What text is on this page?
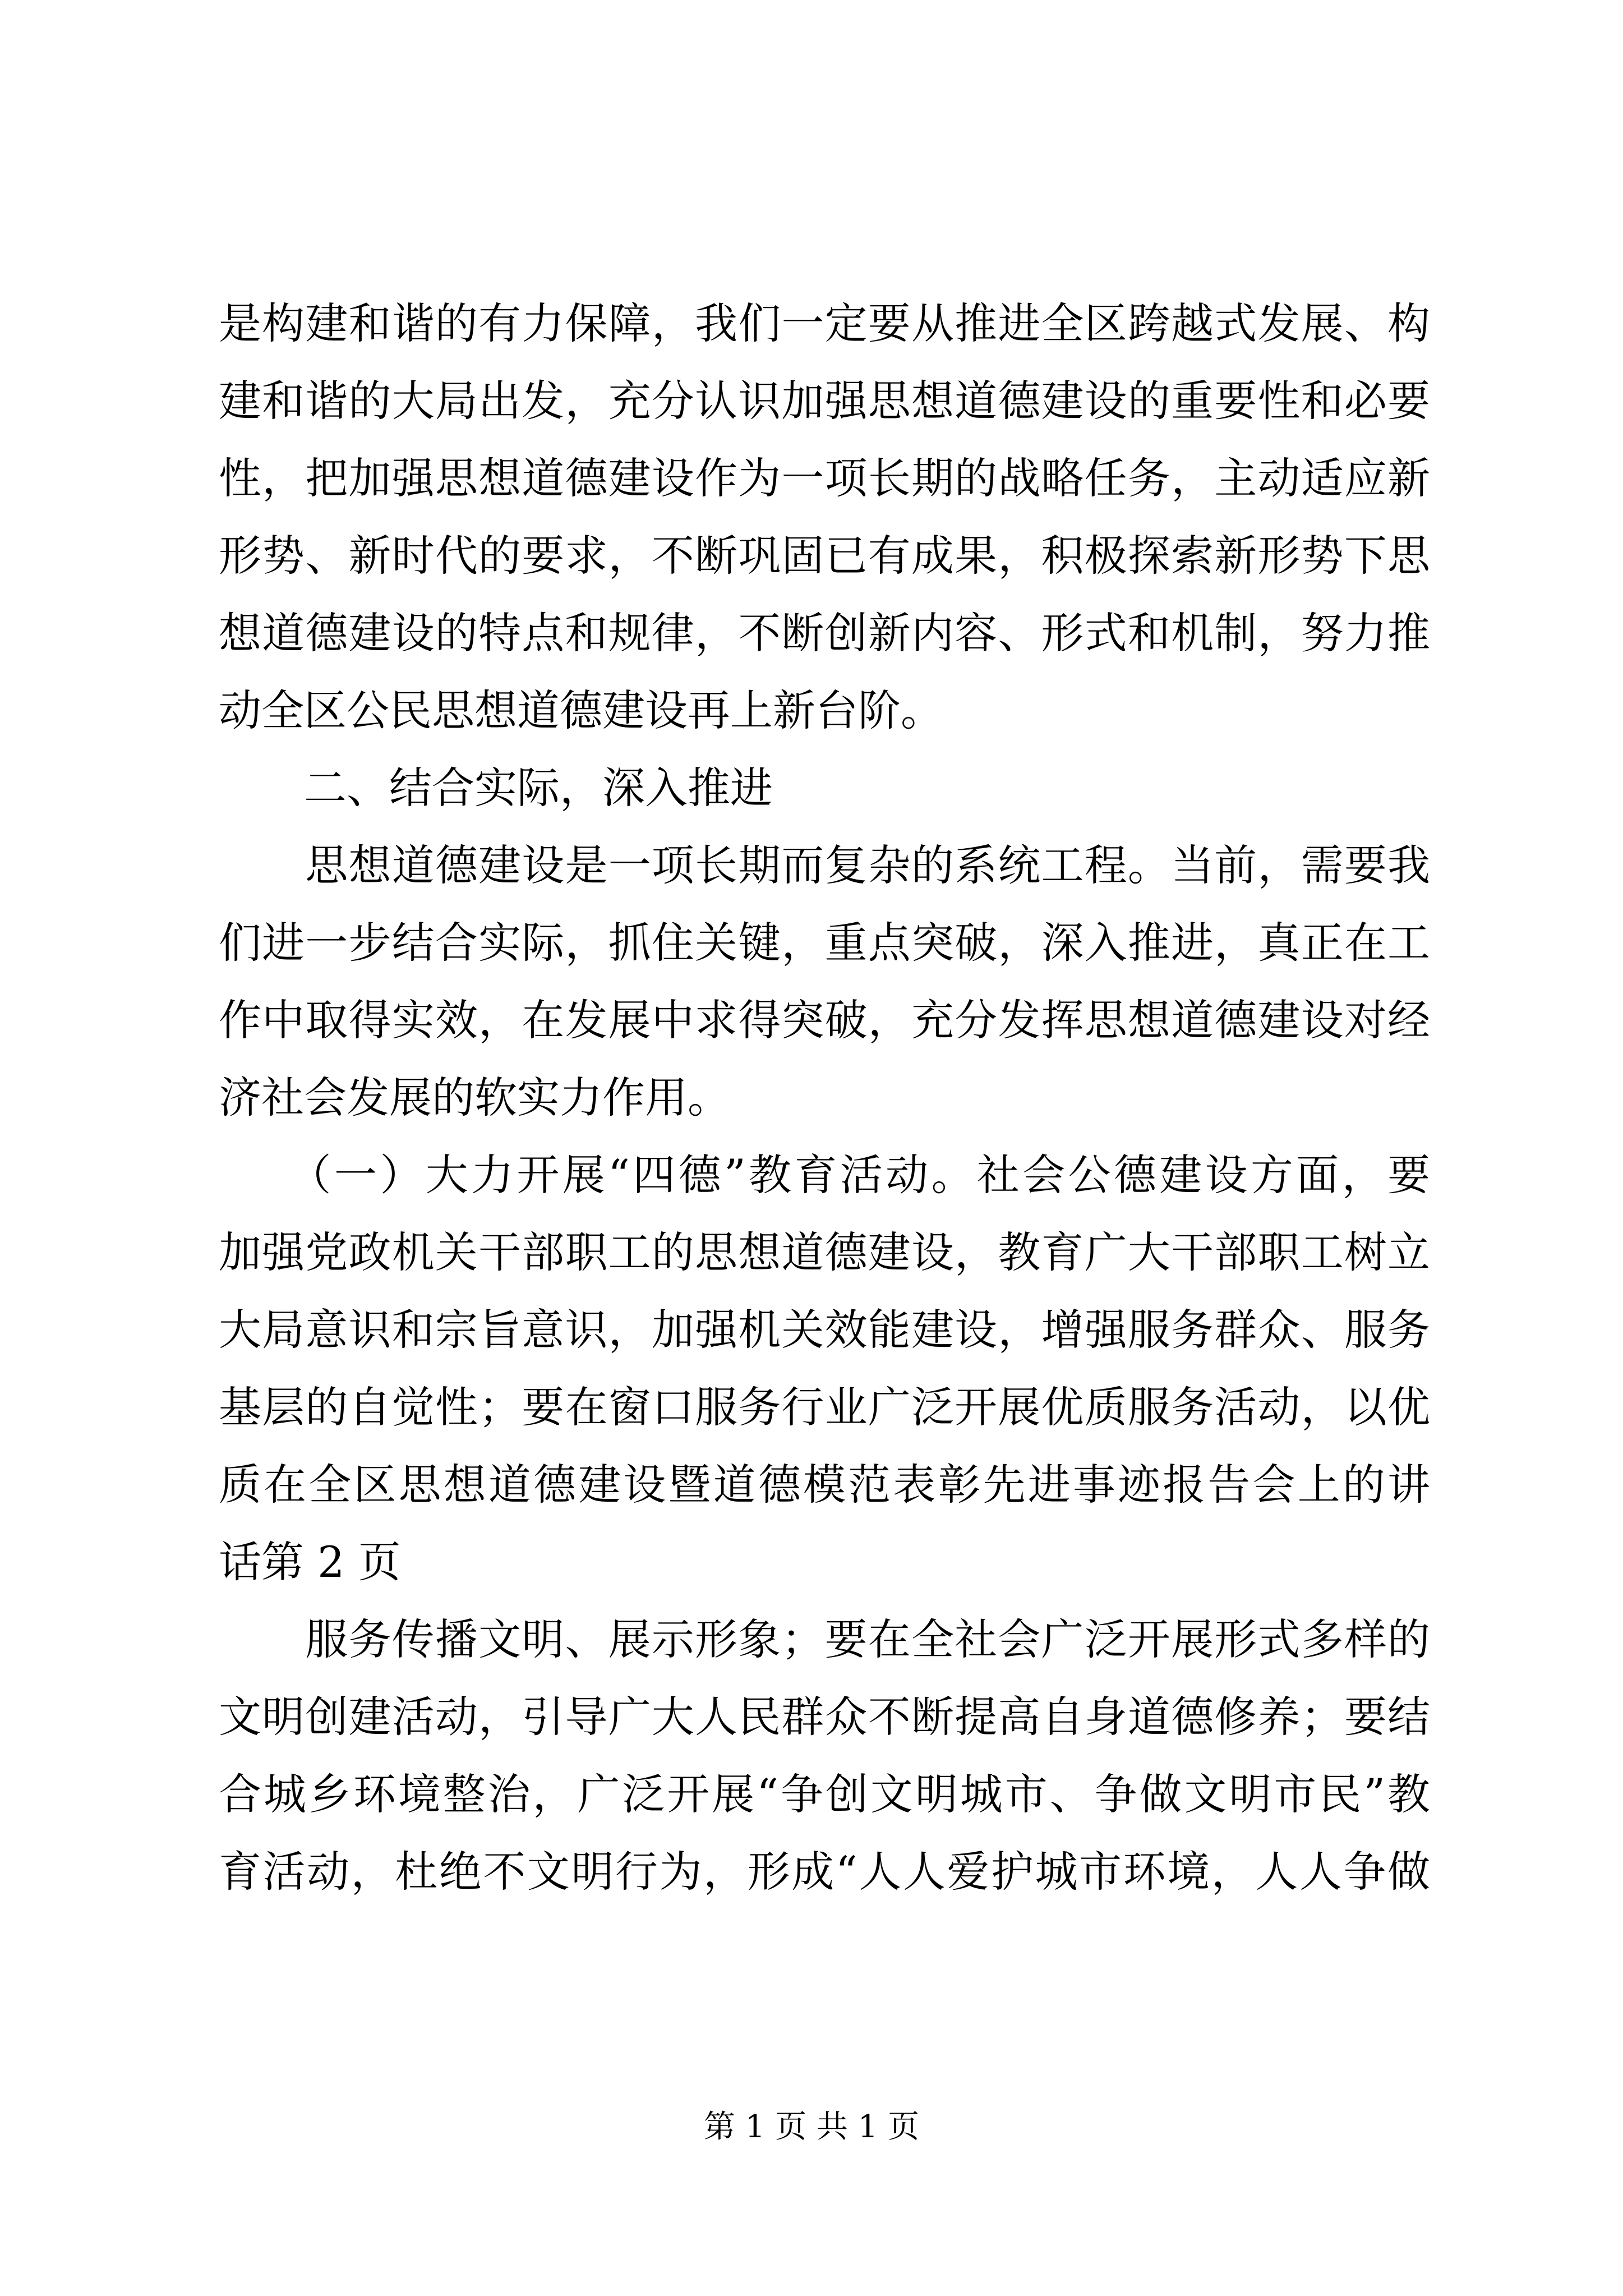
是构建和谐的有力保障，我们一定要从推进全区跨越式发展、构
建和谐的大局出发，充分认识加强思想道德建设的重要性和必要
性，把加强思想道德建设作为一项长期的战略任务，主动适应新
形势、新时代的要求，不断巩固已有成果，积极探索新形势下思
想道德建设的特点和规律，不断创新内容、形式和机制，努力推
动全区公民思想道德建设再上新台阶。
　　二、结合实际，深入推进
　　思想道德建设是一项长期而复杂的系统工程。当前，需要我
们进一步结合实际，抓住关键，重点突破，深入推进，真正在工
作中取得实效，在发展中求得突破，充分发挥思想道德建设对经
济社会发展的软实力作用。
　　（一）大力开展“四德”教育活动。社会公德建设方面，要
加强党政机关干部职工的思想道德建设，教育广大干部职工树立
大局意识和宗旨意识，加强机关效能建设，增强服务群众、服务
基层的自觉性；要在窗口服务行业广泛开展优质服务活动，以优
质在全区思想道德建设暨道德模范表彰先进事迹报告会上的讲
话第 2 页
　　服务传播文明、展示形象；要在全社会广泛开展形式多样的
文明创建活动，引导广大人民群众不断提高自身道德修养；要结
合城乡环境整治，广泛开展“争创文明城市、争做文明市民”教
育活动，杜绝不文明行为，形成“人人爱护城市环境，人人争做
第 1 页 共 1 页
